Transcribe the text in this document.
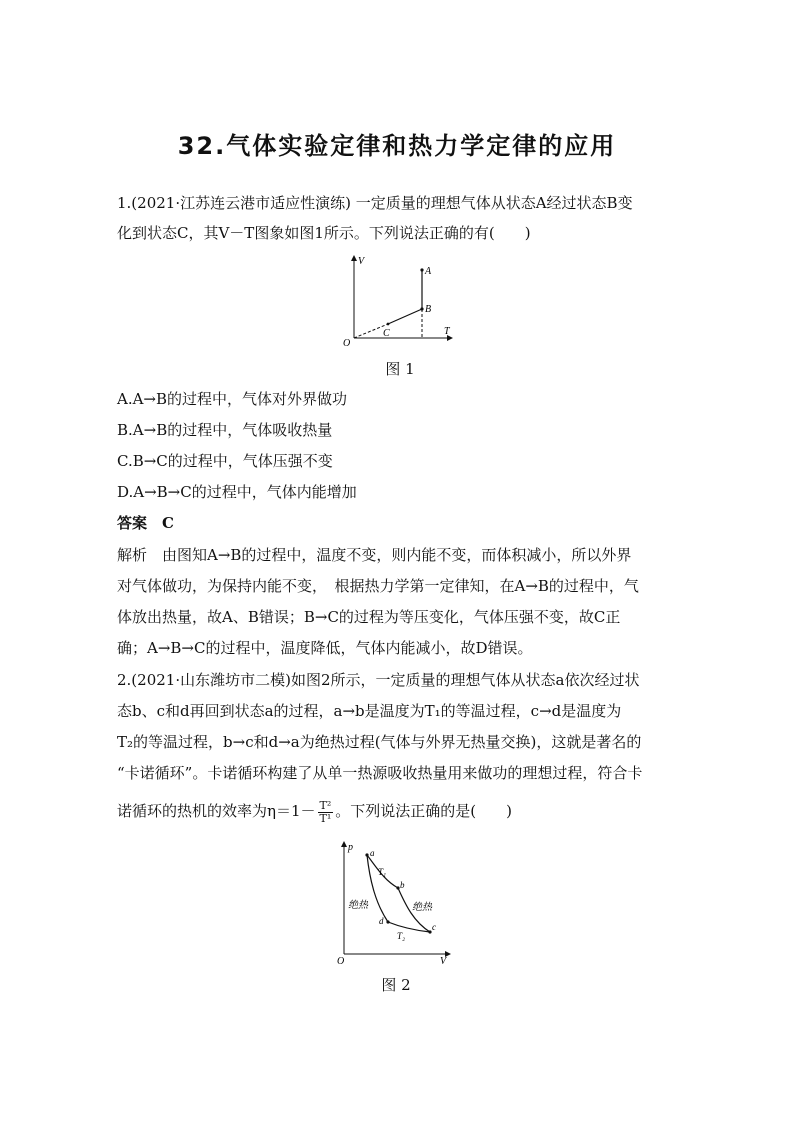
32.气体实验定律和热力学定律的应用
1.(2021·江苏连云港市适应性演练) 一定质量的理想气体从状态A经过状态B变
化到状态C，其V－T图象如图1所示。下列说法正确的有(　　)
V
T
O
A
B
C
图 1
A.A→B的过程中，气体对外界做功
B.A→B的过程中，气体吸收热量
C.B→C的过程中，气体压强不变
D.A→B→C的过程中，气体内能增加
答案　C
解析　由图知A→B的过程中，温度不变，则内能不变，而体积减小，所以外界
对气体做功，为保持内能不变，　根据热力学第一定律知，在A→B的过程中，气
体放出热量，故A、B错误；B→C的过程为等压变化，气体压强不变，故C正
确；A→B→C的过程中，温度降低，气体内能减小，故D错误。
2.(2021·山东潍坊市二模)如图2所示，一定质量的理想气体从状态a依次经过状
态b、c和d再回到状态a的过程，a→b是温度为T₁的等温过程，c→d是温度为
T₂的等温过程，b→c和d→a为绝热过程(气体与外界无热量交换)，这就是著名的
“卡诺循环”。卡诺循环构建了从单一热源吸收热量用来做功的理想过程，符合卡
诺循环的热机的效率为$\eta=1- \frac{\text{T²}}{\text{T¹}}$ 。下列说法正确的是(　　)
p
V
O
a
b
c
d
T₁
T₂
绝热	绝热
图 2
